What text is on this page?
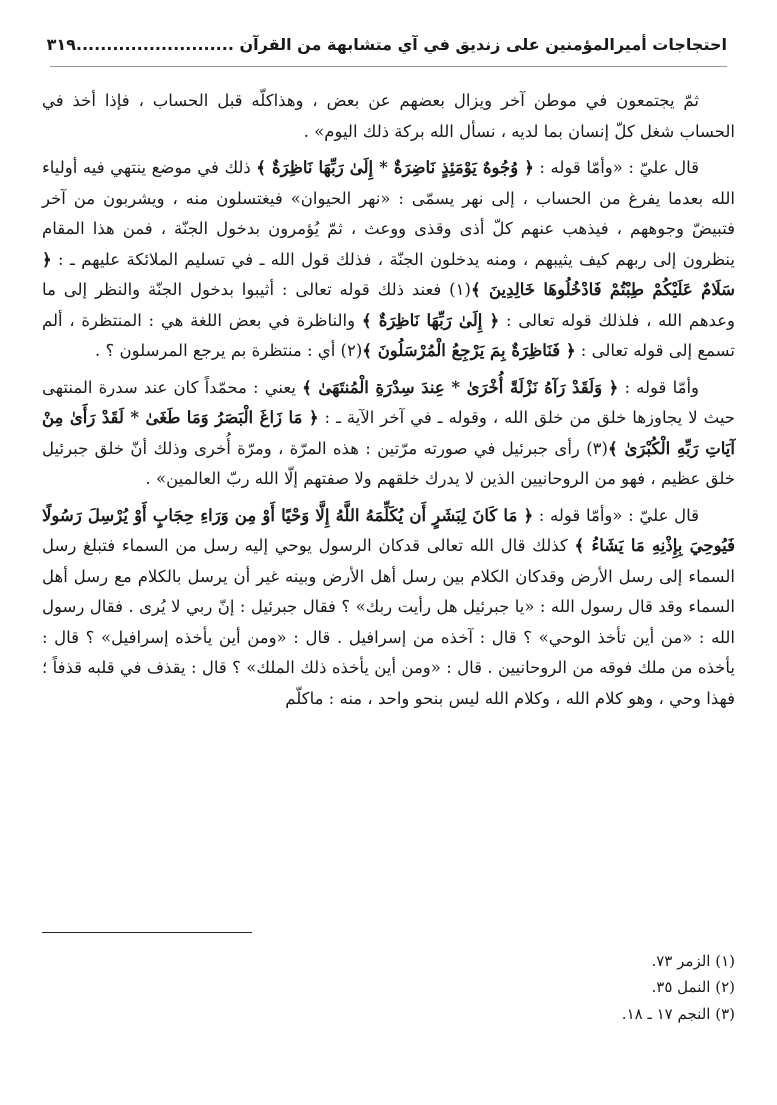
احتجاجات أميرالمؤمنين على زنديق في آي متشابهة من القرآن ..........................
٣١٩

ثمّ يجتمعون في موطن آخر ويزال بعضهم عن بعض ، وهذاكلّه قبل الحساب ، فإذا أخذ في الحساب شغل كلّ إنسان بما لديه ، نسأل الله بركة ذلك اليوم» .

قال عليّ : «وأمّا قوله : ﴿ وُجُوهٌ يَوْمَئِذٍ نَاضِرَةٌ * إِلَىٰ رَبِّهَا نَاظِرَةٌ ﴾ ذلك في موضع ينتهي فيه أولياء الله بعدما يفرغ من الحساب ، إلى نهر يسمّى : «نهر الحيوان» فيغتسلون منه ، ويشربون من آخر فتبيضّ وجوههم ، فيذهب عنهم كلّ أذى وقذى ووعث ، ثمّ يُؤمرون بدخول الجنّة ، فمن هذا المقام ينظرون إلى ربهم كيف يثيبهم ، ومنه يدخلون الجنّة ، فذلك قول الله ـ في تسليم الملائكة عليهم ـ : ﴿ سَلَامٌ عَلَيْكُمْ طِبْتُمْ فَادْخُلُوهَا خَالِدِينَ ﴾(١) فعند ذلك قوله تعالى : أثيبوا بدخول الجنّة والنظر إلى ما وعدهم الله ، فلذلك قوله تعالى : ﴿ إِلَىٰ رَبِّهَا نَاظِرَةٌ ﴾ والناظرة في بعض اللغة هي : المنتظرة ، ألم تسمع إلى قوله تعالى : ﴿ فَنَاظِرَةٌ بِمَ يَرْجِعُ الْمُرْسَلُونَ ﴾(٢) أي : منتظرة بم يرجع المرسلون ؟ .

وأمّا قوله : ﴿ وَلَقَدْ رَآهُ نَزْلَةً أُخْرَىٰ * عِندَ سِدْرَةِ الْمُنتَهَىٰ ﴾ يعني : محمّداً كان عند سدرة المنتهى حيث لا يجاوزها خلق من خلق الله ، وقوله ـ في آخر الآية ـ : ﴿ مَا زَاغَ الْبَصَرُ وَمَا طَغَىٰ * لَقَدْ رَأَىٰ مِنْ آيَاتِ رَبِّهِ الْكُبْرَىٰ ﴾(٣) رأى جبرئيل في صورته مرّتين : هذه المرّة ، ومرّة أُخرى وذلك أنّ خلق جبرئيل خلق عظيم ، فهو من الروحانيين الذين لا يدرك خلقهم ولا صفتهم إلّا الله ربّ العالمين» .

قال عليّ : «وأمّا قوله : ﴿ مَا كَانَ لِبَشَرٍ أَن يُكَلِّمَهُ اللَّهُ إِلَّا وَحْيًا أَوْ مِن وَرَاءِ حِجَابٍ أَوْ يُرْسِلَ رَسُولًا فَيُوحِيَ بِإِذْنِهِ مَا يَشَاءُ ﴾ كذلك قال الله تعالى قدكان الرسول يوحي إليه رسل من السماء فتبلغ رسل السماء إلى رسل الأرض وقدكان الكلام بين رسل أهل الأرض وبينه غير أن يرسل بالكلام مع رسل أهل السماء وقد قال رسول الله : «يا جبرئيل هل رأيت ربك» ؟ فقال جبرئيل : إنّ ربي لا يُرى . فقال رسول الله : «من أين تأخذ الوحي» ؟ قال : آخذه من إسرافيل . قال : «ومن أين يأخذه إسرافيل» ؟ قال : يأخذه من ملك فوقه من الروحانيين . قال : «ومن أين يأخذه ذلك الملك» ؟ قال : يقذف في قلبه قذفاً ؛ فهذا وحي ، وهو كلام الله ، وكلام الله ليس بنحو واحد ، منه : ماكلّم

(١) الزمر ٧٣.
(٢) النمل ٣٥.
(٣) النجم ١٧ ـ ١٨.
